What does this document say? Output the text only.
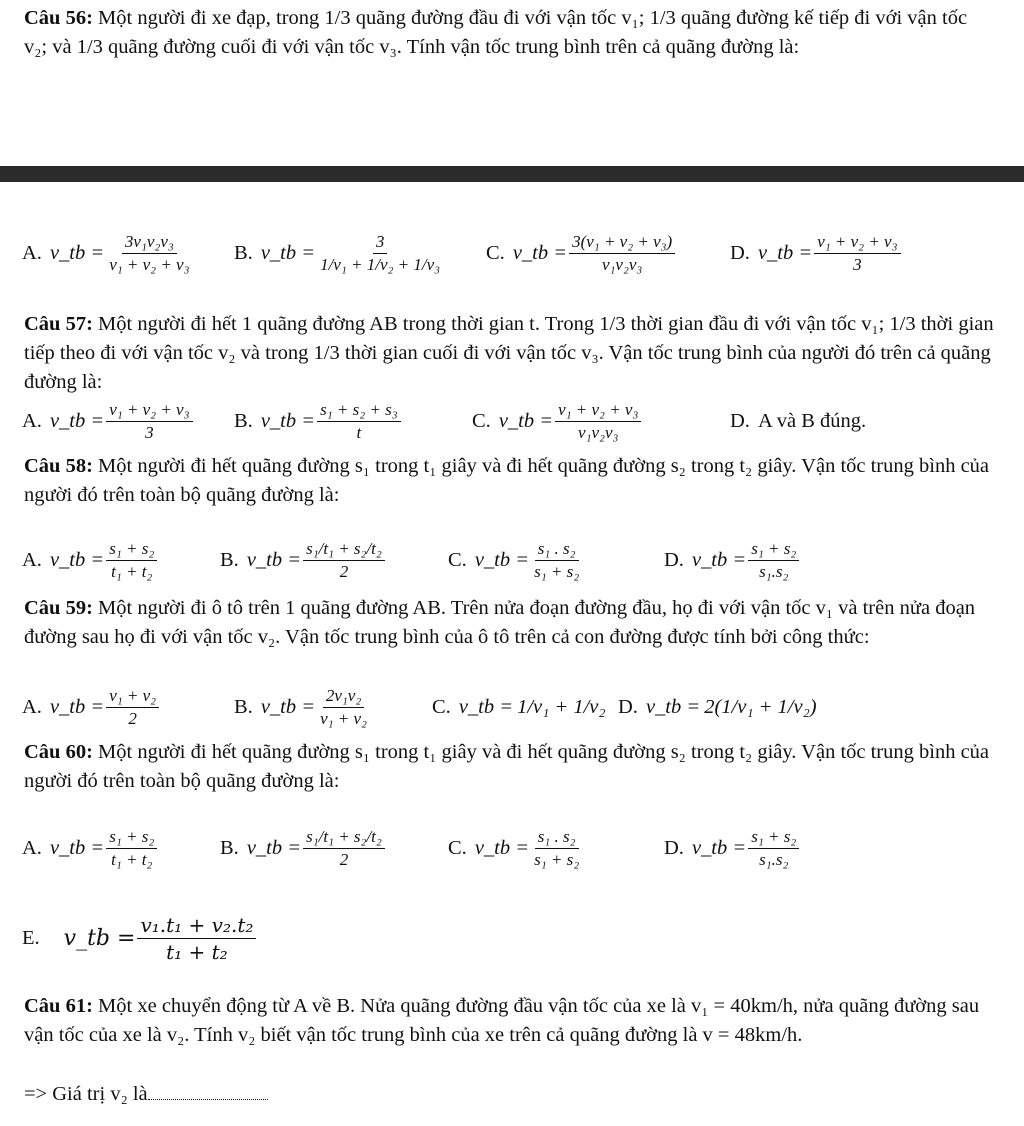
Câu 56: Một người đi xe đạp, trong 1/3 quãng đường đầu đi với vận tốc v₁; 1/3 quãng đường kế tiếp đi với vận tốc v₂; và 1/3 quãng đường cuối đi với vận tốc v₃. Tính vận tốc trung bình trên cả quãng đường là:

A. v_tb = $\frac{\text{3v₁v₂v₃}}{\text{v₁ + v₂ + v₃}} B$. v_tb = $\frac{3}{\text{1/v₁ + 1/v₂ + 1/v₃}} C$. v_tb = $\frac{\text{3(v₁ + v₂ + v₃)}}{\text{v₁v₂v₃}}$	D. v_tb = $\frac{\text{v₁ + v₂ + v₃}}{3}$

Câu 57: Một người đi hết 1 quãng đường AB trong thời gian t. Trong 1/3 thời gian đầu đi với vận tốc v₁; 1/3 thời gian tiếp theo đi với vận tốc v₂ và trong 1/3 thời gian cuối đi với vận tốc v₃. Vận tốc trung bình của người đó trên cả quãng đường là:

A. v_tb = $\frac{\text{v₁ + v₂ + v₃}}{3} B$. v_tb = $\frac{\text{s₁ + s₂ + s₃}}{t}$	C. v_tb = $\frac{\text{v₁ + v₂ + v₃}}{\text{v₁v₂v₃}}$	D. A và B đúng.

Câu 58: Một người đi hết quãng đường s₁ trong t₁ giây và đi hết quãng đường s₂ trong t₂ giây. Vận tốc trung bình của người đó trên toàn bộ quãng đường là:

A. v_tb = $\frac{\text{s₁ + s₂}}{\text{t₁ + t₂}}$	B. v_tb = $\frac{\text{s₁/t₁ + s₂/t₂}}{2}$	C. v_tb = $\frac{\text{s₁ . s₂}}{\text{s₁ + s₂}}$	D. v_tb = $\frac{\text{s₁ + s₂}}{\text{s₁.s₂}}$

Câu 59: Một người đi ô tô trên 1 quãng đường AB. Trên nửa đoạn đường đầu, họ đi với vận tốc v₁ và trên nửa đoạn đường sau họ đi với vận tốc v₂. Vận tốc trung bình của ô tô trên cả con đường được tính bởi công thức:

A. v_tb = $\frac{\text{v₁ + v₂}}{2}$	B. v_tb = $\frac{\text{2v₁v₂}}{\text{v₁ + v₂}}$	C. v_tb = 1/v₁ + 1/v₂ D. v_tb = 2(1/v₁ + 1/v₂)

Câu 60: Một người đi hết quãng đường s₁ trong t₁ giây và đi hết quãng đường s₂ trong t₂ giây. Vận tốc trung bình của người đó trên toàn bộ quãng đường là:

A. v_tb = $\frac{\text{s₁ + s₂}}{\text{t₁ + t₂}}$	B. v_tb = $\frac{\text{s₁/t₁ + s₂/t₂}}{2}$	C. v_tb = $\frac{\text{s₁ . s₂}}{\text{s₁ + s₂}}$	D. v_tb = $\frac{\text{s₁ + s₂}}{\text{s₁.s₂}}$
E. v_tb = $\frac{\text{v₁.t₁ + v₂.t₂}}{\text{t₁ + t₂}}$

Câu 61: Một xe chuyển động từ A về B. Nửa quãng đường đầu vận tốc của xe là v₁ = 40km/h, nửa quãng đường sau vận tốc của xe là v₂. Tính v₂ biết vận tốc trung bình của xe trên cả quãng đường là v = 48km/h.

=> Giá trị v₂ là
